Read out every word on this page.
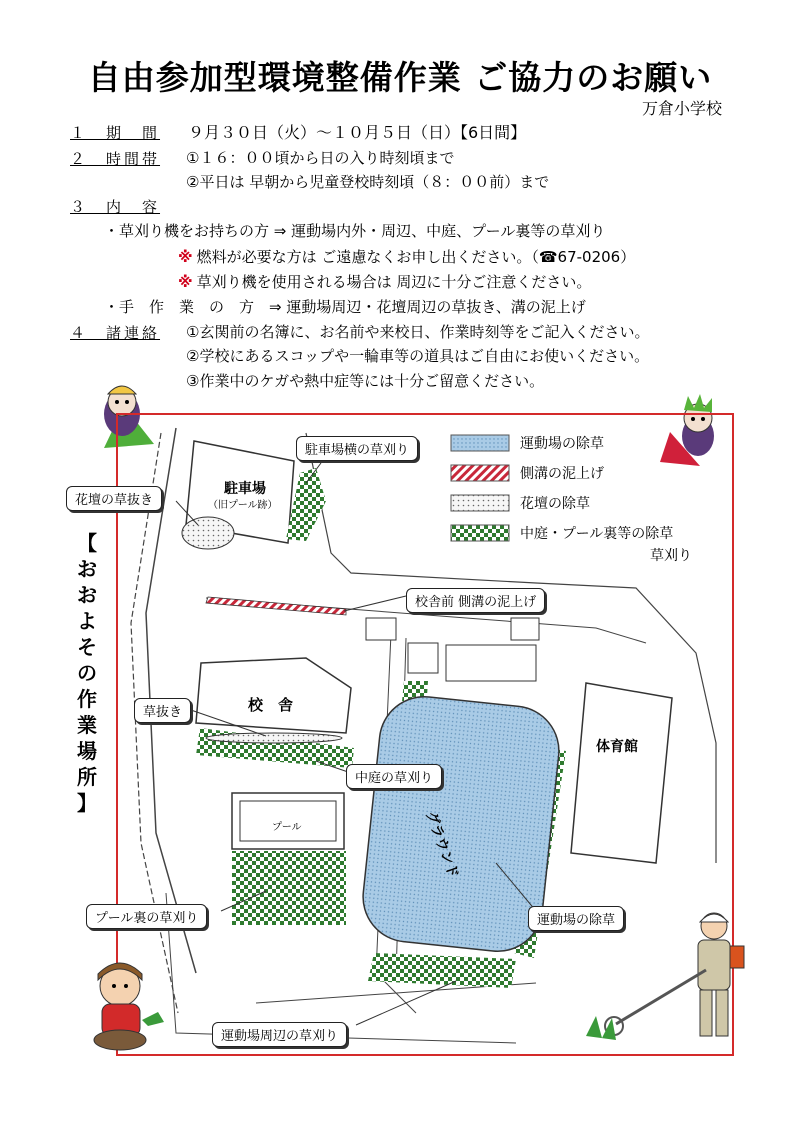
自由参加型環境整備作業 ご協力のお願い
万倉小学校
１　期　間 ９月３０日（火）～１０月５日（日）【6日間】
２　時間帯 ①１６：００頃から日の入り時刻頃まで
②平日は 早朝から児童登校時刻頃（８：００前）まで
３　内　容
・草刈り機をお持ちの方 ⇒ 運動場内外・周辺、中庭、プール裏等の草刈り
※ 燃料が必要な方は ご遠慮なくお申し出ください。（☎67-0206）
※ 草刈り機を使用される場合は 周辺に十分ご注意ください。
・手　作　業　の　方　⇒ 運動場周辺・花壇周辺の草抜き、溝の泥上げ
４　諸連絡 ①玄関前の名簿に、お名前や来校日、作業時刻等をご記入ください。
②学校にあるスコップや一輪車等の道具はご自由にお使いください。
③作業中のケガや熱中症等には十分ご留意ください。
【
お
お
よ
そ
の
作
業
場
所
】
運動場の除草
側溝の泥上げ
花壇の除草
中庭・プール裏等の除草
草刈り
駐車場
（旧プール跡）
校　舎
体育館
プール	グラウンド
駐車場横の草刈り
花壇の草抜き
校舎前 側溝の泥上げ
草抜き
中庭の草刈り
プール裏の草刈り	運動場の除草
運動場周辺の草刈り
